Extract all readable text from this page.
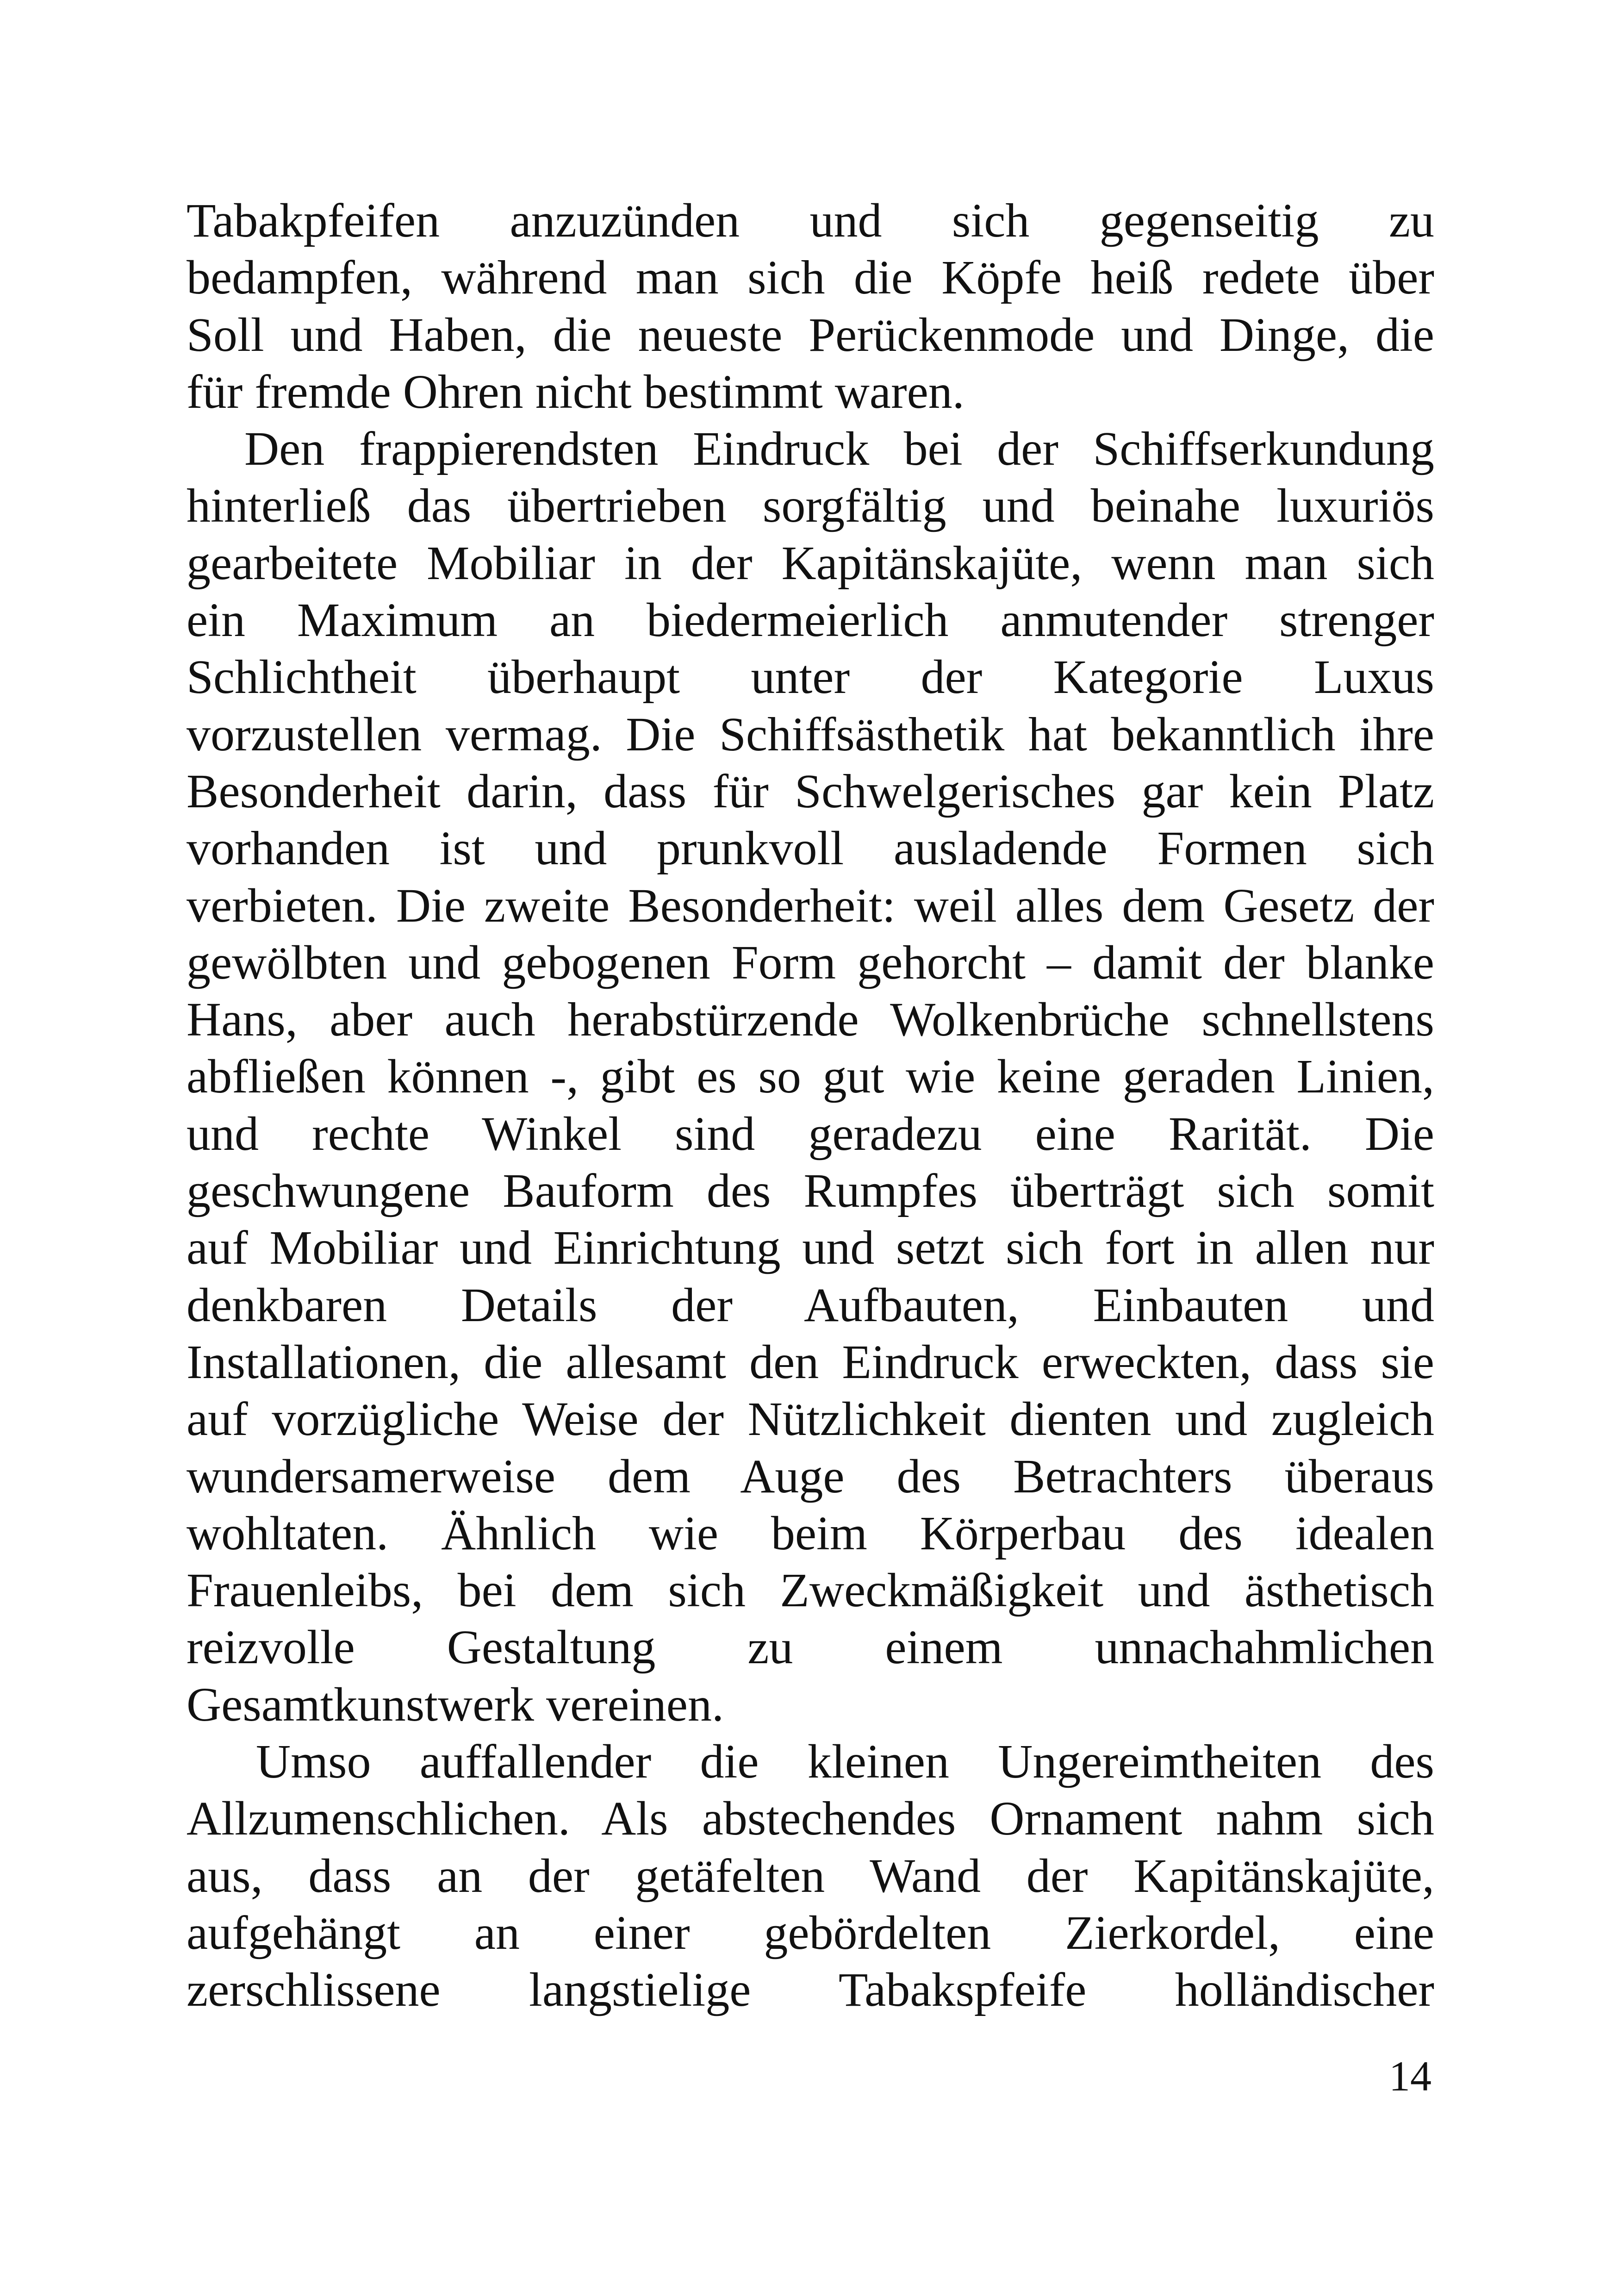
Tabakpfeifen anzuzünden und sich gegenseitig zu
bedampfen, während man sich die Köpfe heiß redete über
Soll und Haben, die neueste Perückenmode und Dinge, die
für fremde Ohren nicht bestimmt waren.
Den frappierendsten Eindruck bei der Schiffserkundung
hinterließ das übertrieben sorgfältig und beinahe luxuriös
gearbeitete Mobiliar in der Kapitänskajüte, wenn man sich
ein Maximum an biedermeierlich anmutender strenger
Schlichtheit überhaupt unter der Kategorie Luxus
vorzustellen vermag. Die Schiffsästhetik hat bekanntlich ihre
Besonderheit darin, dass für Schwelgerisches gar kein Platz
vorhanden ist und prunkvoll ausladende Formen sich
verbieten. Die zweite Besonderheit: weil alles dem Gesetz der
gewölbten und gebogenen Form gehorcht – damit der blanke
Hans, aber auch herabstürzende Wolkenbrüche schnellstens
abfließen können -, gibt es so gut wie keine geraden Linien,
und rechte Winkel sind geradezu eine Rarität. Die
geschwungene Bauform des Rumpfes überträgt sich somit
auf Mobiliar und Einrichtung und setzt sich fort in allen nur
denkbaren Details der Aufbauten, Einbauten und
Installationen, die allesamt den Eindruck erweckten, dass sie
auf vorzügliche Weise der Nützlichkeit dienten und zugleich
wundersamerweise dem Auge des Betrachters überaus
wohltaten. Ähnlich wie beim Körperbau des idealen
Frauenleibs, bei dem sich Zweckmäßigkeit und ästhetisch
reizvolle Gestaltung zu einem unnachahmlichen
Gesamtkunstwerk vereinen.
Umso auffallender die kleinen Ungereimtheiten des
Allzumenschlichen. Als abstechendes Ornament nahm sich
aus, dass an der getäfelten Wand der Kapitänskajüte,
aufgehängt an einer gebördelten Zierkordel, eine
zerschlissene langstielige Tabakspfeife holländischer
14
